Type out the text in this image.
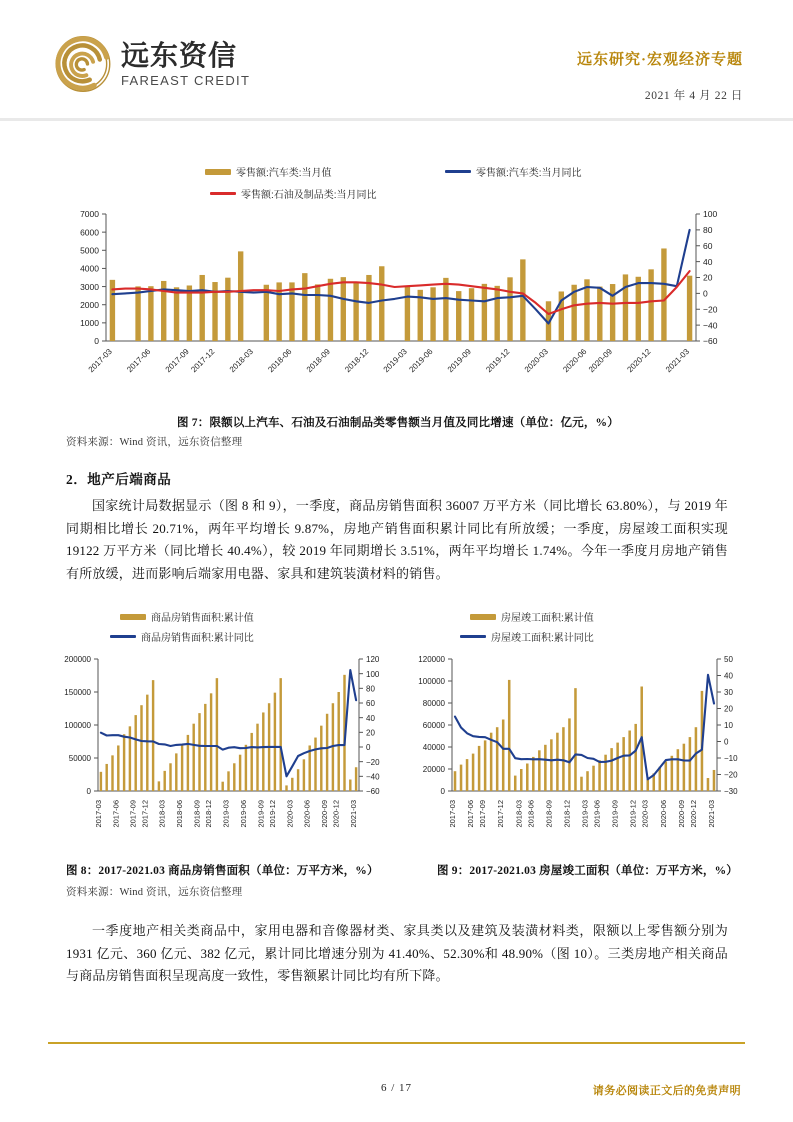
远东资信
FAREAST CREDIT
远东研究·宏观经济专题
2021 年 4 月 22 日
零售额:汽车类:当月值	零售额:汽车类:当月同比
零售额:石油及制品类:当月同比
0
1000
2000
3000
4000
5000
6000
7000
−60
−40
−20
0
20
40
60
80
100
2017-03 2017-06 2017-09
2017-12 2018-03 2018-06 2018-09 2018-12 2019-03
2019-06 2019-09 2019-12 2020-03 2020-06
2020-09 2020-12 2021-03
图 7：限额以上汽车、石油及石油制品类零售额当月值及同比增速（单位：亿元，%）
资料来源：Wind 资讯，远东资信整理
2．地产后端商品
国家统计局数据显示（图 8 和 9），一季度，商品房销售面积 36007 万平方米（同比增长 63.80%），与 2019 年同期相比增长 20.71%，两年平均增长 9.87%，房地产销售面积累计同比有所放缓；一季度，房屋竣工面积实现 19122 万平方米（同比增长 40.4%），较 2019 年同期增长 3.51%，两年平均增长 1.74%。今年一季度月房地产销售有所放缓，进而影响后端家用电器、家具和建筑装潢材料的销售。
商品房销售面积:累计值
商品房销售面积:累计同比
0
50000
100000
150000
200000
−60
−40
−20
0
20
40
60
80
100
120
2017-03 2017-06 2017-09 2017-12 2018-03 2018-06 2018-09 2018-12 2019-03 2019-06 2019-09 2019-12 2020-03 2020-06 2020-09 2020-12 2021-03
房屋竣工面积:累计值
房屋竣工面积:累计同比
0
20000
40000
60000
80000
100000
120000
−30
−20
−10
0
10
20
30
40
50
2017-03 2017-06 2017-09 2017-12 2018-03 2018-06 2018-09 2018-12 2019-03 2019-06 2019-09 2019-12 2020-03 2020-06 2020-09 2020-12 2021-03
图 8：2017-2021.03 商品房销售面积（单位：万平方米，%）	图 9：2017-2021.03 房屋竣工面积（单位：万平方米，%）
资料来源：Wind 资讯，远东资信整理
一季度地产相关类商品中，家用电器和音像器材类、家具类以及建筑及装潢材料类，限额以上零售额分别为 1931 亿元、360 亿元、382 亿元，累计同比增速分别为 41.40%、52.30%和 48.90%（图 10）。三类房地产相关商品与商品房销售面积呈现高度一致性，零售额累计同比均有所下降。
6 / 17	请务必阅读正文后的免责声明
